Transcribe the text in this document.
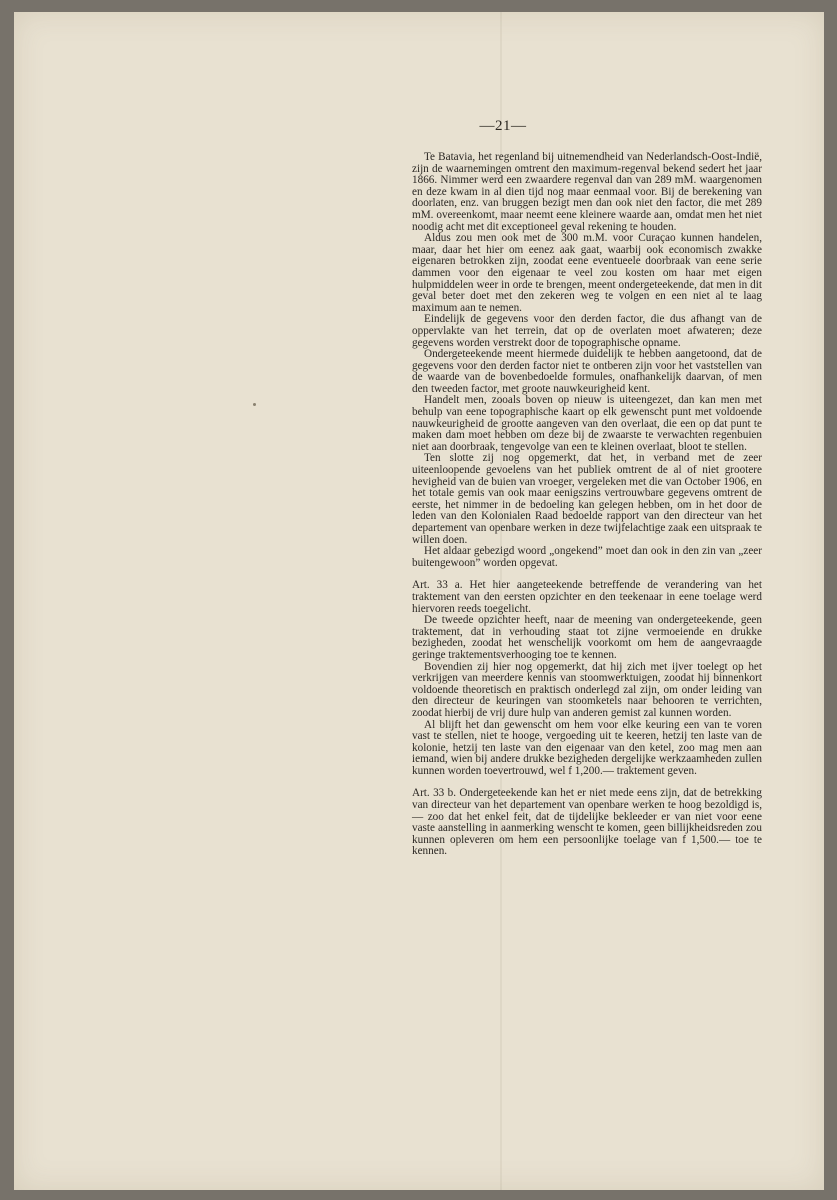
—21—

Te Batavia, het regenland bij uitnemendheid van Nederlandsch-Oost-Indië, zijn de waarnemingen omtrent den maximum-regenval bekend sedert het jaar 1866. Nimmer werd een zwaardere regenval dan van 289 mM. waargenomen en deze kwam in al dien tijd nog maar eenmaal voor. Bij de berekening van doorlaten, enz. van bruggen bezigt men dan ook niet den factor, die met 289 mM. overeenkomt, maar neemt eene kleinere waarde aan, omdat men het niet noodig acht met dit exceptioneel geval rekening te houden.

Aldus zou men ook met de 300 m.M. voor Curaçao kunnen handelen, maar, daar het hier om eenez aak gaat, waarbij ook economisch zwakke eigenaren betrokken zijn, zoodat eene eventueele doorbraak van eene serie dammen voor den eigenaar te veel zou kosten om haar met eigen hulpmiddelen weer in orde te brengen, meent ondergeteekende, dat men in dit geval beter doet met den zekeren weg te volgen en een niet al te laag maximum aan te nemen.

Eindelijk de gegevens voor den derden factor, die dus afhangt van de oppervlakte van het terrein, dat op de overlaten moet afwateren; deze gegevens worden verstrekt door de topographische opname.

Ondergeteekende meent hiermede duidelijk te hebben aangetoond, dat de gegevens voor den derden factor niet te ontberen zijn voor het vaststellen van de waarde van de bovenbedoelde formules, onafhankelijk daarvan, of men den tweeden factor, met groote nauwkeurigheid kent.

Handelt men, zooals boven op nieuw is uiteengezet, dan kan men met behulp van eene topographische kaart op elk gewenscht punt met voldoende nauwkeurigheid de grootte aangeven van den overlaat, die een op dat punt te maken dam moet hebben om deze bij de zwaarste te verwachten regenbuien niet aan doorbraak, tengevolge van een te kleinen overlaat, bloot te stellen.

Ten slotte zij nog opgemerkt, dat het, in verband met de zeer uiteenloopende gevoelens van het publiek omtrent de al of niet grootere hevigheid van de buien van vroeger, vergeleken met die van October 1906, en het totale gemis van ook maar eenigszins vertrouwbare gegevens omtrent de eerste, het nimmer in de bedoeling kan gelegen hebben, om in het door de leden van den Kolonialen Raad bedoelde rapport van den directeur van het departement van openbare werken in deze twijfelachtige zaak een uitspraak te willen doen.

Het aldaar gebezigd woord „ongekend” moet dan ook in den zin van „zeer buitengewoon” worden opgevat.

Art. 33 a. Het hier aangeteekende betreffende de verandering van het traktement van den eersten opzichter en den teekenaar in eene toelage werd hiervoren reeds toegelicht.

De tweede opzichter heeft, naar de meening van ondergeteekende, geen traktement, dat in verhouding staat tot zijne vermoeiende en drukke bezigheden, zoodat het wenschelijk voorkomt om hem de aangevraagde geringe traktementsverhooging toe te kennen.

Bovendien zij hier nog opgemerkt, dat hij zich met ijver toelegt op het verkrijgen van meerdere kennis van stoomwerktuigen, zoodat hij binnenkort voldoende theoretisch en praktisch onderlegd zal zijn, om onder leiding van den directeur de keuringen van stoomketels naar behooren te verrichten, zoodat hierbij de vrij dure hulp van anderen gemist zal kunnen worden.

Al blijft het dan gewenscht om hem voor elke keuring een van te voren vast te stellen, niet te hooge, vergoeding uit te keeren, hetzij ten laste van de kolonie, hetzij ten laste van den eigenaar van den ketel, zoo mag men aan iemand, wien bij andere drukke bezigheden dergelijke werkzaamheden zullen kunnen worden toevertrouwd, wel f 1,200.— traktement geven.

Art. 33 b. Ondergeteekende kan het er niet mede eens zijn, dat de betrekking van directeur van het departement van openbare werken te hoog bezoldigd is, — zoo dat het enkel feit, dat de tijdelijke bekleeder er van niet voor eene vaste aanstelling in aanmerking wenscht te komen, geen billijkheidsreden zou kunnen opleveren om hem een persoonlijke toelage van f 1,500.— toe te kennen.
